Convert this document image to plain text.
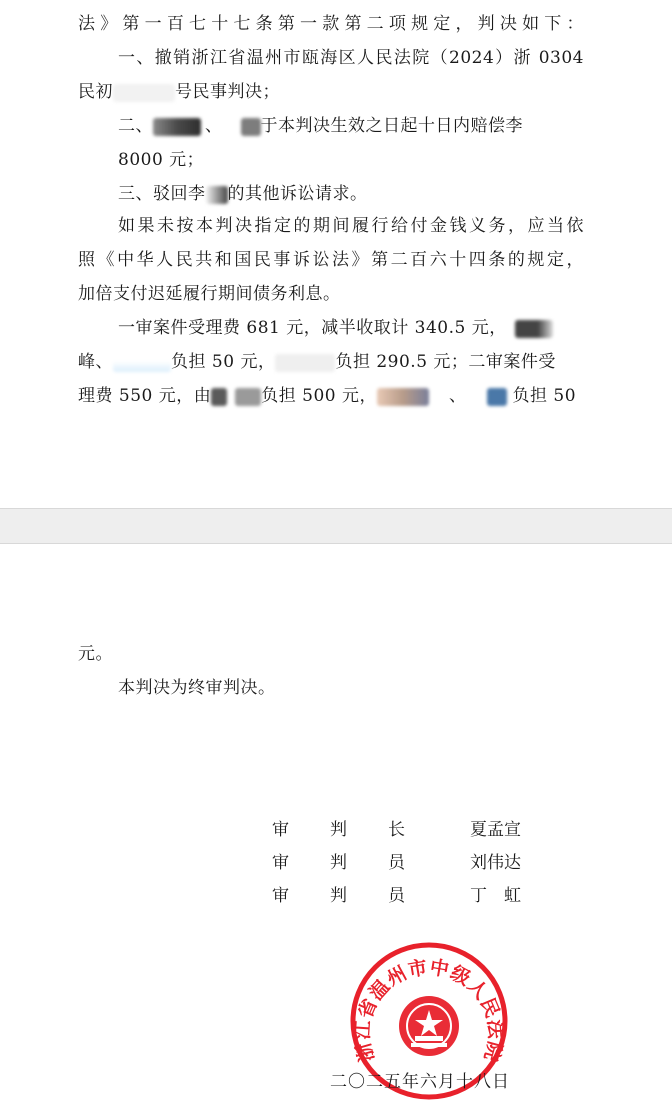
法》第一百七十七条第一款第二项规定，判决如下：
一、撤销浙江省温州市瓯海区人民法院（2024）浙 0304
民初	号民事判决；
二、	、 于本判决生效之日起十日内赔偿李
8000 元；
三、驳回李 的其他诉讼请求。
如果未按本判决指定的期间履行给付金钱义务，应当依
照《中华人民共和国民事诉讼法》第二百六十四条的规定，
加倍支付迟延履行期间债务利息。
一审案件受理费 681 元，减半收取计 340.5 元，
峰、	负担 50 元，	负担 290.5 元；二审案件受
理费 550 元，由	负担 500 元，	、	负担 50
元。
本判决为终审判决。
审 判 长	夏孟宣
审 判 员	刘伟达
审 判 员	丁　虹
浙江省温州市中级人民法院
二〇二五年六月十八日
